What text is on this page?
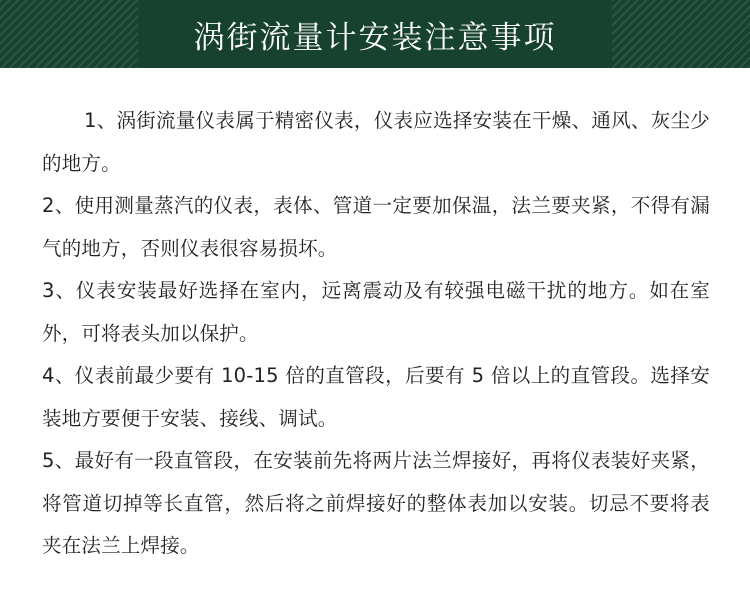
涡街流量计安装注意事项

1、涡街流量仪表属于精密仪表，仪表应选择安装在干燥、通风、灰尘少的地方。

2、使用测量蒸汽的仪表，表体、管道一定要加保温，法兰要夹紧，不得有漏气的地方，否则仪表很容易损坏。

3、仪表安装最好选择在室内，远离震动及有较强电磁干扰的地方。如在室外，可将表头加以保护。

4、仪表前最少要有 10-15 倍的直管段，后要有 5 倍以上的直管段。选择安装地方要便于安装、接线、调试。

5、最好有一段直管段，在安装前先将两片法兰焊接好，再将仪表装好夹紧，将管道切掉等长直管，然后将之前焊接好的整体表加以安装。切忌不要将表夹在法兰上焊接。
